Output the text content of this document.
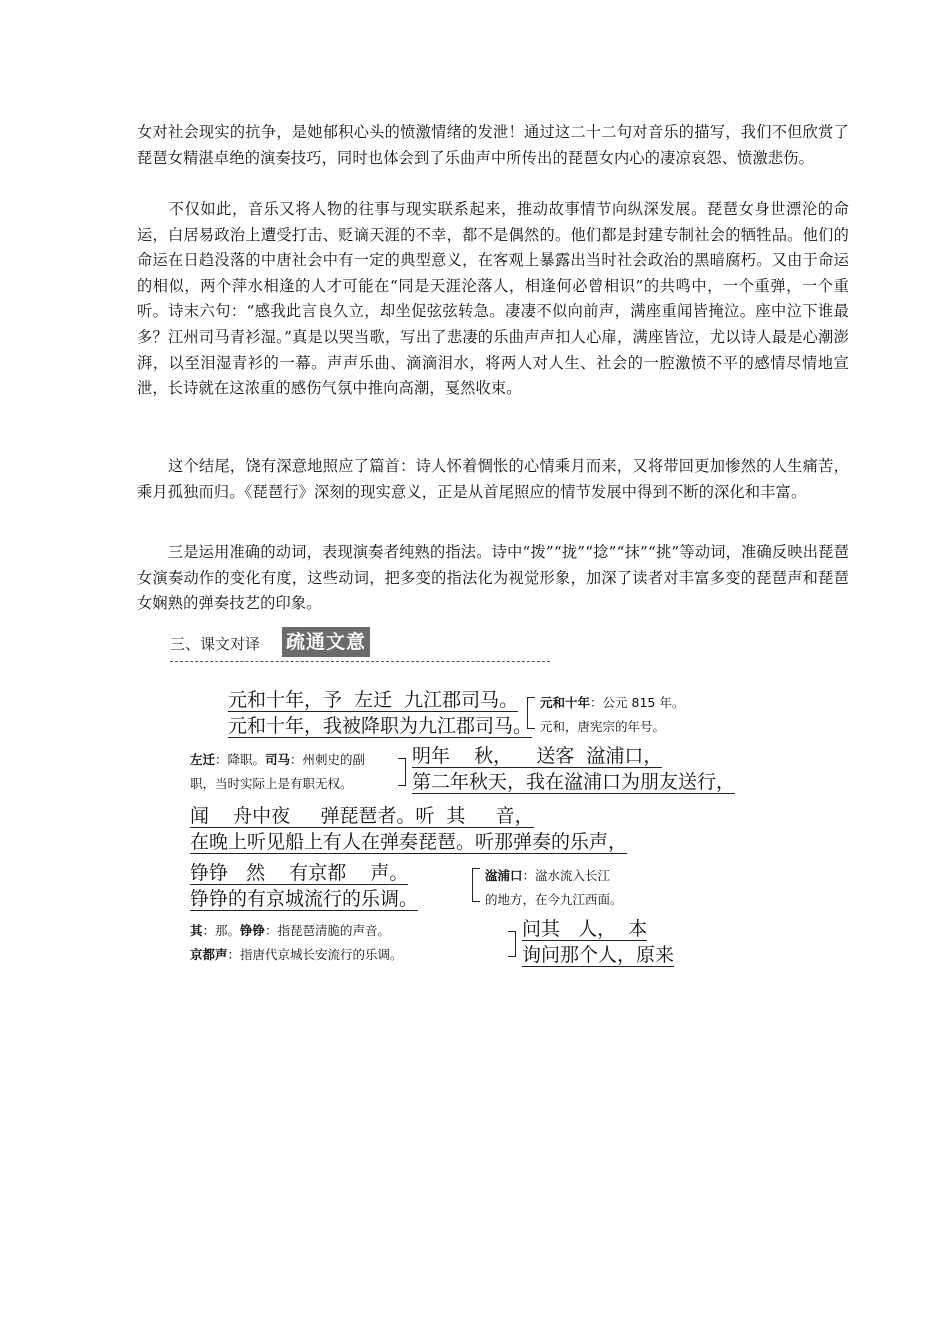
女对社会现实的抗争，是她郁积心头的愤激情绪的发泄！通过这二十二句对音乐的描写，我们不但欣赏了琵琶女精湛卓绝的演奏技巧，同时也体会到了乐曲声中所传出的琵琶女内心的凄凉哀怨、愤激悲伤。

　　不仅如此，音乐又将人物的往事与现实联系起来，推动故事情节向纵深发展。琵琶女身世漂沦的命运，白居易政治上遭受打击、贬谪天涯的不幸，都不是偶然的。他们都是封建专制社会的牺牲品。他们的命运在日趋没落的中唐社会中有一定的典型意义，在客观上暴露出当时社会政治的黑暗腐朽。又由于命运的相似，两个萍水相逢的人才可能在“同是天涯沦落人，相逢何必曾相识”的共鸣中，一个重弹，一个重听。诗末六句：“感我此言良久立，却坐促弦弦转急。凄凄不似向前声，满座重闻皆掩泣。座中泣下谁最多？江州司马青衫湿。”真是以哭当歌，写出了悲凄的乐曲声声扣人心扉，满座皆泣，尤以诗人最是心潮澎湃，以至泪湿青衫的一幕。声声乐曲、滴滴泪水，将两人对人生、社会的一腔激愤不平的感情尽情地宣泄，长诗就在这浓重的感伤气氛中推向高潮，戛然收束。

　　这个结尾，饶有深意地照应了篇首：诗人怀着惆怅的心情乘月而来，又将带回更加惨然的人生痛苦，乘月孤独而归。《琵琶行》深刻的现实意义，正是从首尾照应的情节发展中得到不断的深化和丰富。

　　三是运用准确的动词，表现演奏者纯熟的指法。诗中“拨”“拢”“捻”“抹”“挑”等动词，准确反映出琵琶女演奏动作的变化有度，这些动词，把多变的指法化为视觉形象，加深了读者对丰富多变的琵琶声和琵琶女娴熟的弹奏技艺的印象。

三、课文对译 疏通文意
元和十年，予  左迁  九江郡司马。
元和十年，我被降职为九江郡司马。
元和十年：公元 815 年。
元和，唐宪宗的年号。
左迁：降职。司马：州刺史的副
职，当时实际上是有职无权。
明年    秋，    送客  湓浦口，
第二年秋天，我在湓浦口为朋友送行，
闻    舟中夜     弹琵琶者。听  其     音，
在晚上听见船上有人在弹奏琵琶。听那弹奏的乐声，
铮铮   然    有京都    声。
铮铮的有京城流行的乐调。
湓浦口：湓水流入长江
的地方，在今九江西面。
其：那。铮铮：指琵琶清脆的声音。
京都声：指唐代京城长安流行的乐调。
问其   人，  本
询问那个人，原来
